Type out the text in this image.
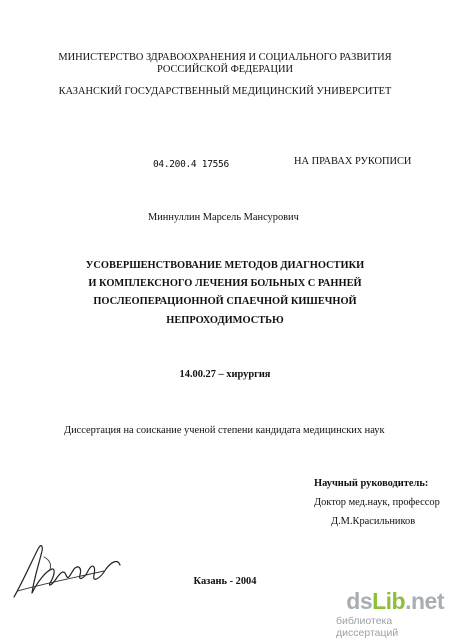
МИНИСТЕРСТВО ЗДРАВООХРАНЕНИЯ И СОЦИАЛЬНОГО РАЗВИТИЯ
РОССИЙСКОЙ ФЕДЕРАЦИИ
КАЗАНСКИЙ ГОСУДАРСТВЕННЫЙ МЕДИЦИНСКИЙ УНИВЕРСИТЕТ
04.200.4 17556	НА ПРАВАХ РУКОПИСИ
Миннуллин Марсель Мансурович
УСОВЕРШЕНСТВОВАНИЕ МЕТОДОВ ДИАГНОСТИКИ
И КОМПЛЕКСНОГО ЛЕЧЕНИЯ БОЛЬНЫХ С РАННЕЙ
ПОСЛЕОПЕРАЦИОННОЙ СПАЕЧНОЙ КИШЕЧНОЙ
НЕПРОХОДИМОСТЬЮ
14.00.27 – хирургия
Диссертация на соискание ученой степени кандидата медицинских наук
Научный руководитель:
Доктор мед.наук, профессор
Д.М.Красильников
Казань - 2004
dsLib.net
библиотека диссертаций
